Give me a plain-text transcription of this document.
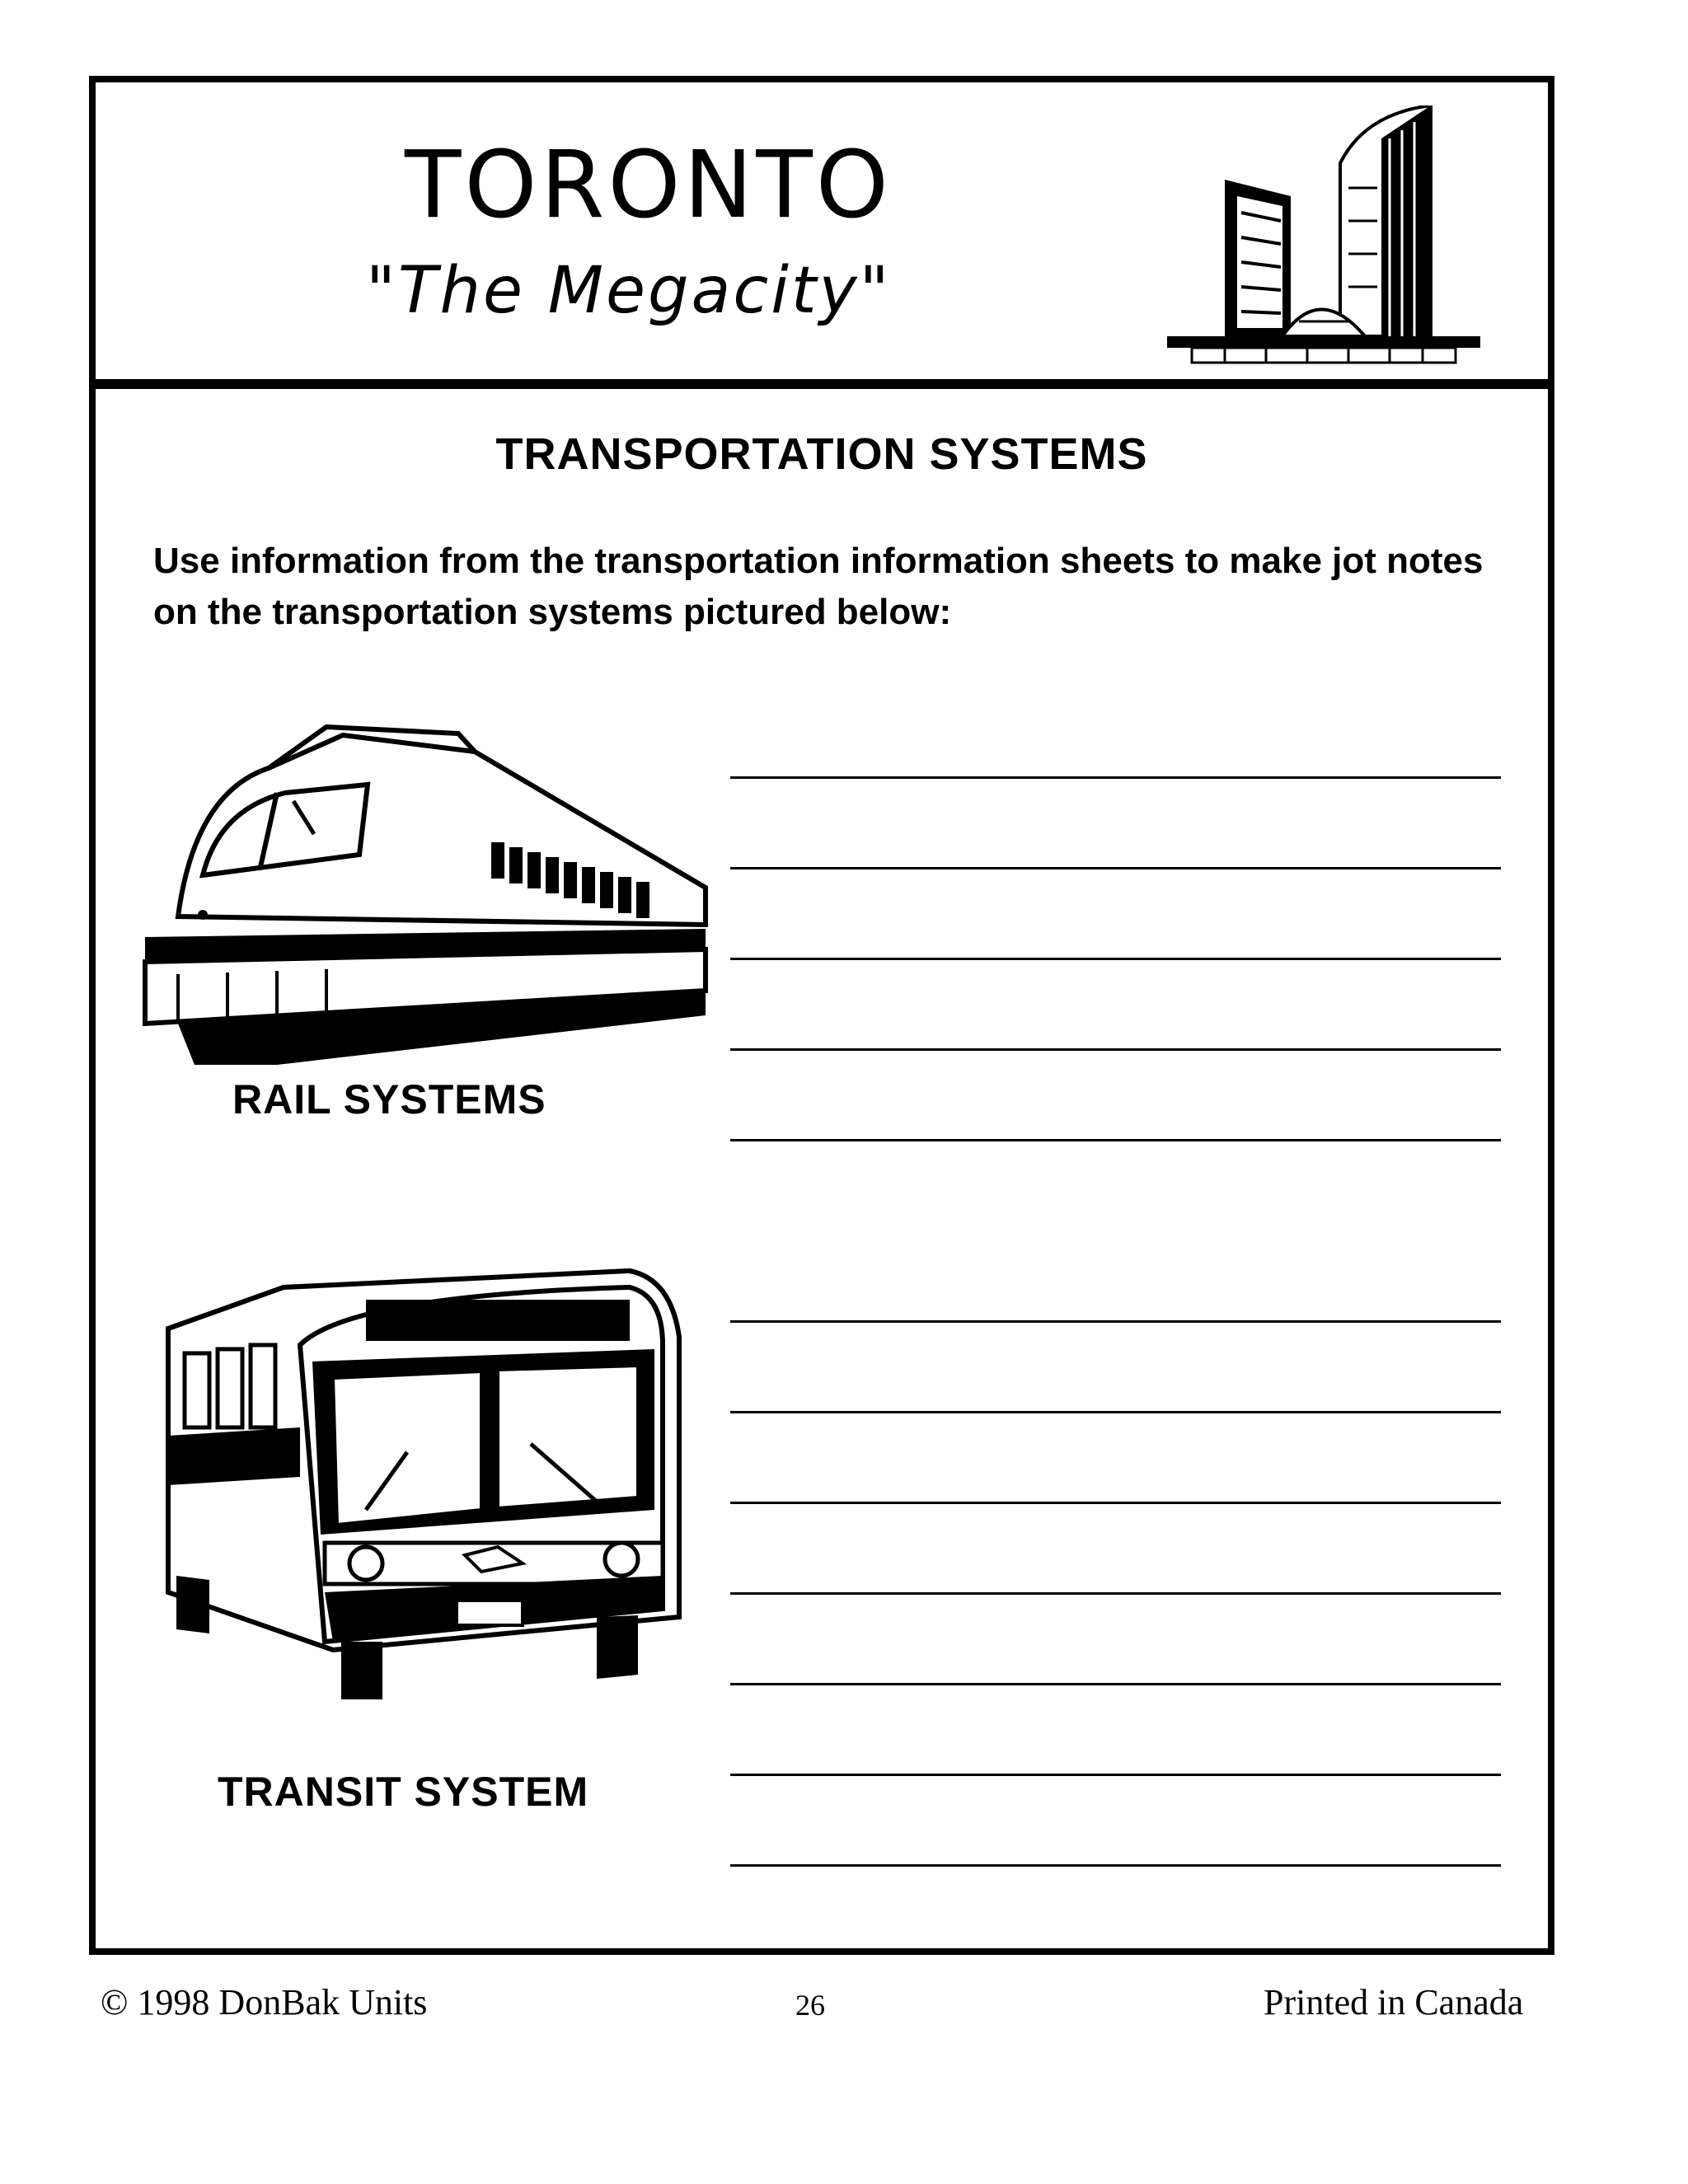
TORONTO
"The Megacity"
TRANSPORTATION SYSTEMS
Use information from the transportation information sheets to make jot notes on the transportation systems pictured below:
RAIL SYSTEMS
TRANSIT SYSTEM
© 1998 DonBak Units	26	Printed in Canada
